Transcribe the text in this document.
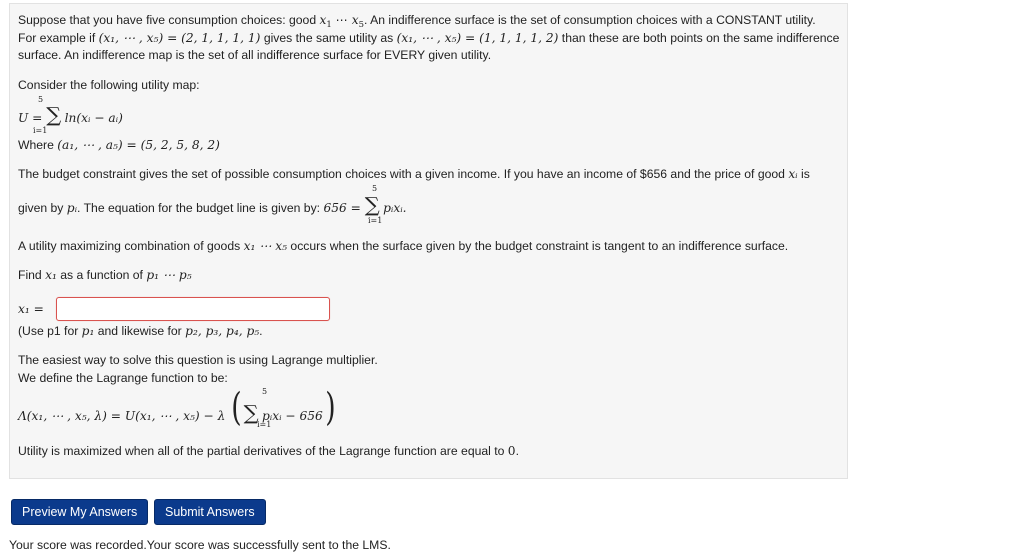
Suppose that you have five consumption choices: good $x_1$ ⋯ $x_5$. An indifference surface is the set of consumption choices with a CONSTANT utility.
For example if (x₁, ⋯ , x₅) = (2, 1, 1, 1, 1) gives the same utility as (x₁, ⋯ , x₅) = (1, 1, 1, 1, 2) than these are both points on the same indifference
surface. An indifference map is the set of all indifference surface for EVERY given utility.
Consider the following utility map:
5
U = ∑ ln(xᵢ − aᵢ)
i=1
Where (a₁, ⋯ , a₅) = (5, 2, 5, 8, 2)
The budget constraint gives the set of possible consumption choices with a given income. If you have an income of $656 and the price of good xᵢ is
5
given by pᵢ. The equation for the budget line is given by: 656 = ∑ pᵢxᵢ.
i=1
A utility maximizing combination of goods x₁ ⋯ x₅ occurs when the surface given by the budget constraint is tangent to an indifference surface.
Find x₁ as a function of p₁ ⋯ p₅
x₁ =
(Use p1 for p₁ and likewise for p₂, p₃, p₄, p₅.
The easiest way to solve this question is using Lagrange multiplier.
We define the Lagrange function to be:
5
Λ(x₁, ⋯ , x₅, λ) = U(x₁, ⋯ , x₅) − λ ( ∑ pᵢxᵢ − 656)
i=1
Utility is maximized when all of the partial derivatives of the Lagrange function are equal to 0.
Preview My Answers	Submit Answers
Your score was recorded.Your score was successfully sent to the LMS.
